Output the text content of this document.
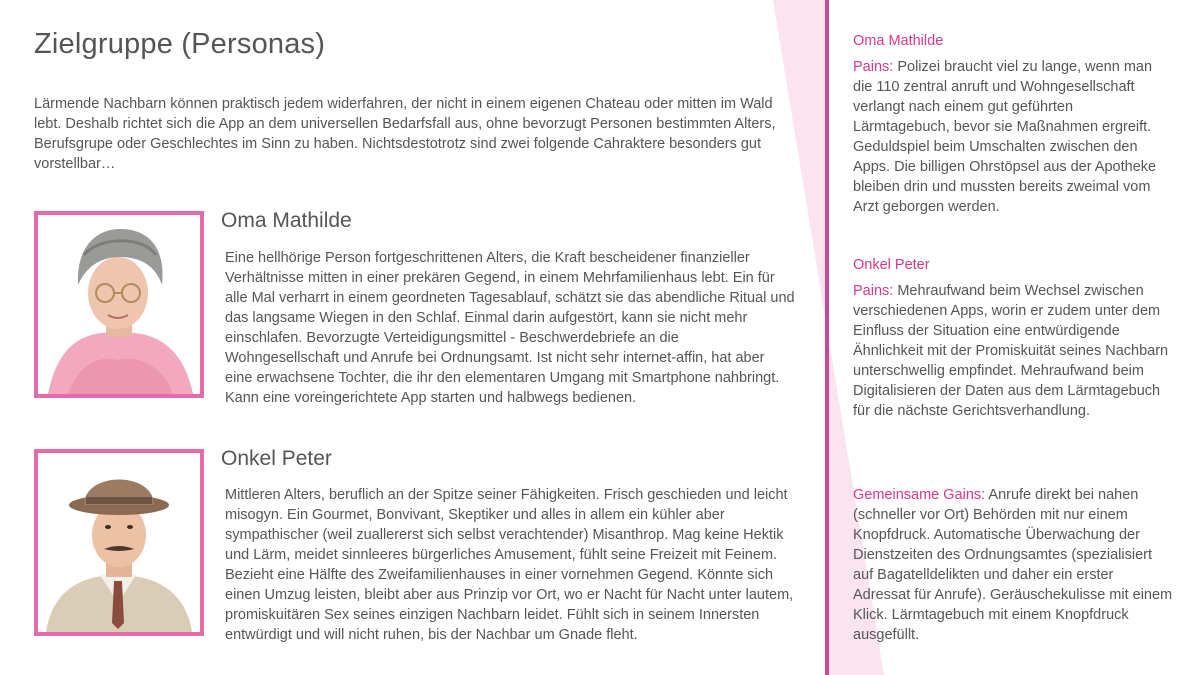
Zielgruppe (Personas)
Lärmende Nachbarn können praktisch jedem widerfahren, der nicht in einem eigenen Chateau oder mitten im Wald lebt. Deshalb richtet sich die App an dem universellen Bedarfsfall aus, ohne bevorzugt Personen bestimmten Alters, Berufsgrupe oder Geschlechtes im Sinn zu haben. Nichtsdestotrotz sind zwei folgende Cahraktere besonders gut vorstellbar…
Oma Mathilde
Eine hellhörige Person fortgeschrittenen Alters, die Kraft bescheidener finanzieller Verhältnisse mitten in einer prekären Gegend, in einem Mehrfamilienhaus lebt. Ein für alle Mal verharrt in einem geordneten Tagesablauf, schätzt sie das abendliche Ritual und das langsame Wiegen in den Schlaf. Einmal darin aufgestört, kann sie nicht mehr einschlafen. Bevorzugte Verteidigungsmittel - Beschwerdebriefe an die Wohngesellschaft und Anrufe bei Ordnungsamt. Ist nicht sehr internet-affin, hat aber eine erwachsene Tochter, die ihr den elementaren Umgang mit Smartphone nahbringt. Kann eine voreingerichtete App starten und halbwegs bedienen.
Onkel Peter
Mittleren Alters, beruflich an der Spitze seiner Fähigkeiten. Frisch geschieden und leicht misogyn. Ein Gourmet, Bonvivant, Skeptiker und alles in allem ein kühler aber sympathischer (weil zuallererst sich selbst verachtender) Misanthrop. Mag keine Hektik und Lärm, meidet sinnleeres bürgerliches Amusement, fühlt seine Freizeit mit Feinem. Bezieht eine Hälfte des Zweifamilienhauses in einer vornehmen Gegend. Könnte sich einen Umzug leisten, bleibt aber aus Prinzip vor Ort, wo er Nacht für Nacht unter lautem, promiskuitären Sex seines einzigen Nachbarn leidet. Fühlt sich in seinem Innersten entwürdigt und will nicht ruhen, bis der Nachbar um Gnade fleht.
Oma Mathilde
Pains: Polizei braucht viel zu lange, wenn man die 110 zentral anruft und Wohngesellschaft verlangt nach einem gut geführten Lärmtagebuch, bevor sie Maßnahmen ergreift. Geduldspiel beim Umschalten zwischen den Apps. Die billigen Ohrstöpsel aus der Apotheke bleiben drin und mussten bereits zweimal vom Arzt geborgen werden.
Onkel Peter
Pains: Mehraufwand beim Wechsel zwischen verschiedenen Apps, worin er zudem unter dem Einfluss der Situation eine entwürdigende Ähnlichkeit mit der Promiskuität seines Nachbarn unterschwellig empfindet. Mehraufwand beim Digitalisieren der Daten aus dem Lärmtagebuch für die nächste Gerichtsverhandlung.
Gemeinsame Gains: Anrufe direkt bei nahen (schneller vor Ort) Behörden mit nur einem Knopfdruck. Automatische Überwachung der Dienstzeiten des Ordnungsamtes (spezialisiert auf Bagatelldelikten und daher ein erster Adressat für Anrufe). Geräuschekulisse mit einem Klick. Lärmtagebuch mit einem Knopfdruck ausgefüllt.
